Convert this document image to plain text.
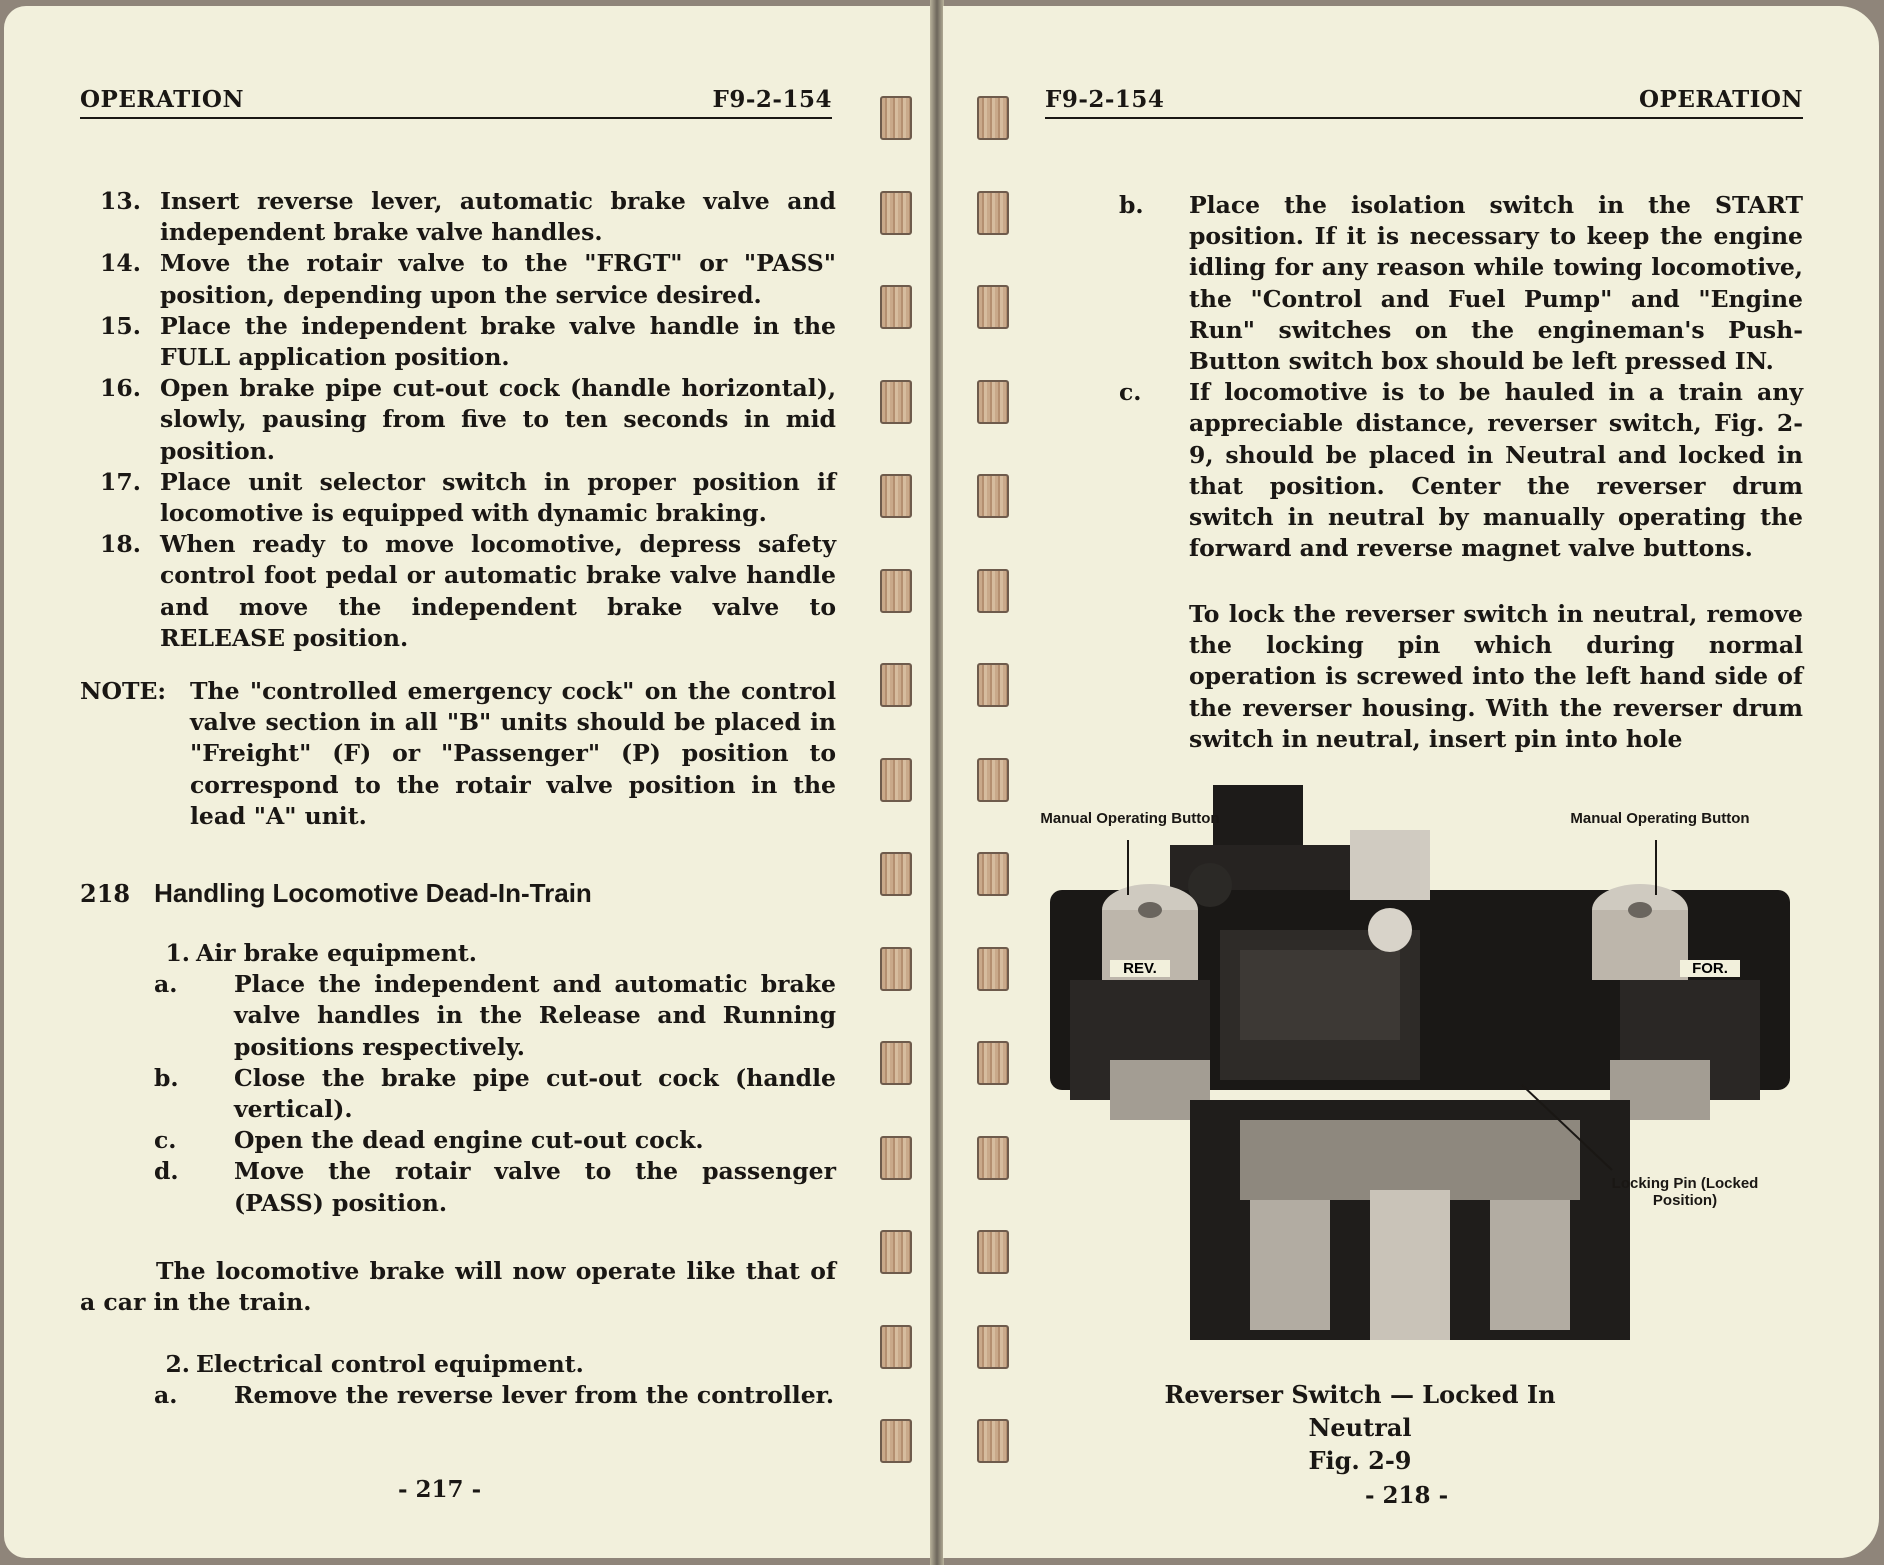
OPERATION	F9-2-154

13. Insert reverse lever, automatic brake valve and independent brake valve handles.

14. Move the rotair valve to the "FRGT" or "PASS" position, depending upon the service desired.

15. Place the independent brake valve handle in the FULL application position.

16. Open brake pipe cut-out cock (handle horizontal), slowly, pausing from five to ten seconds in mid position.

17. Place unit selector switch in proper position if locomotive is equipped with dynamic braking.

18. When ready to move locomotive, depress safety control foot pedal or automatic brake valve handle and move the independent brake valve to RELEASE position.

NOTE: The "controlled emergency cock" on the control valve section in all "B" units should be placed in "Freight" (F) or "Passenger" (P) position to correspond to the rotair valve position in the lead "A" unit.
218 Handling Locomotive Dead-In-Train

1. Air brake equipment.

a.	Place the independent and automatic brake valve handles in the Release and Running positions respectively.

b.	Close the brake pipe cut-out cock (handle vertical).

c.	Open the dead engine cut-out cock.

d.	Move the rotair valve to the passenger (PASS) position.

The locomotive brake will now operate like that of a car in the train.

2. Electrical control equipment.

a.	Remove the reverse lever from the controller.

- 217 -
F9-2-154	OPERATION

b.	Place the isolation switch in the START position. If it is necessary to keep the engine idling for any reason while towing locomotive, the "Control and Fuel Pump" and "Engine Run" switches on the engineman's Push-Button switch box should be left pressed IN.

c.	If locomotive is to be hauled in a train any appreciable distance, reverser switch, Fig. 2-9, should be placed in Neutral and locked in that position. Center the reverser drum switch in neutral by manually operating the forward and reverse magnet valve buttons.

To lock the reverser switch in neutral, remove the locking pin which during normal operation is screwed into the left hand side of the reverser housing. With the reverser drum switch in neutral, insert pin into hole
- 218 -
Manual Operating Button	Manual Operating Button
REV.	FOR.
Locking Pin (Locked Position)
Reverser Switch — Locked In Neutral
Fig. 2-9
